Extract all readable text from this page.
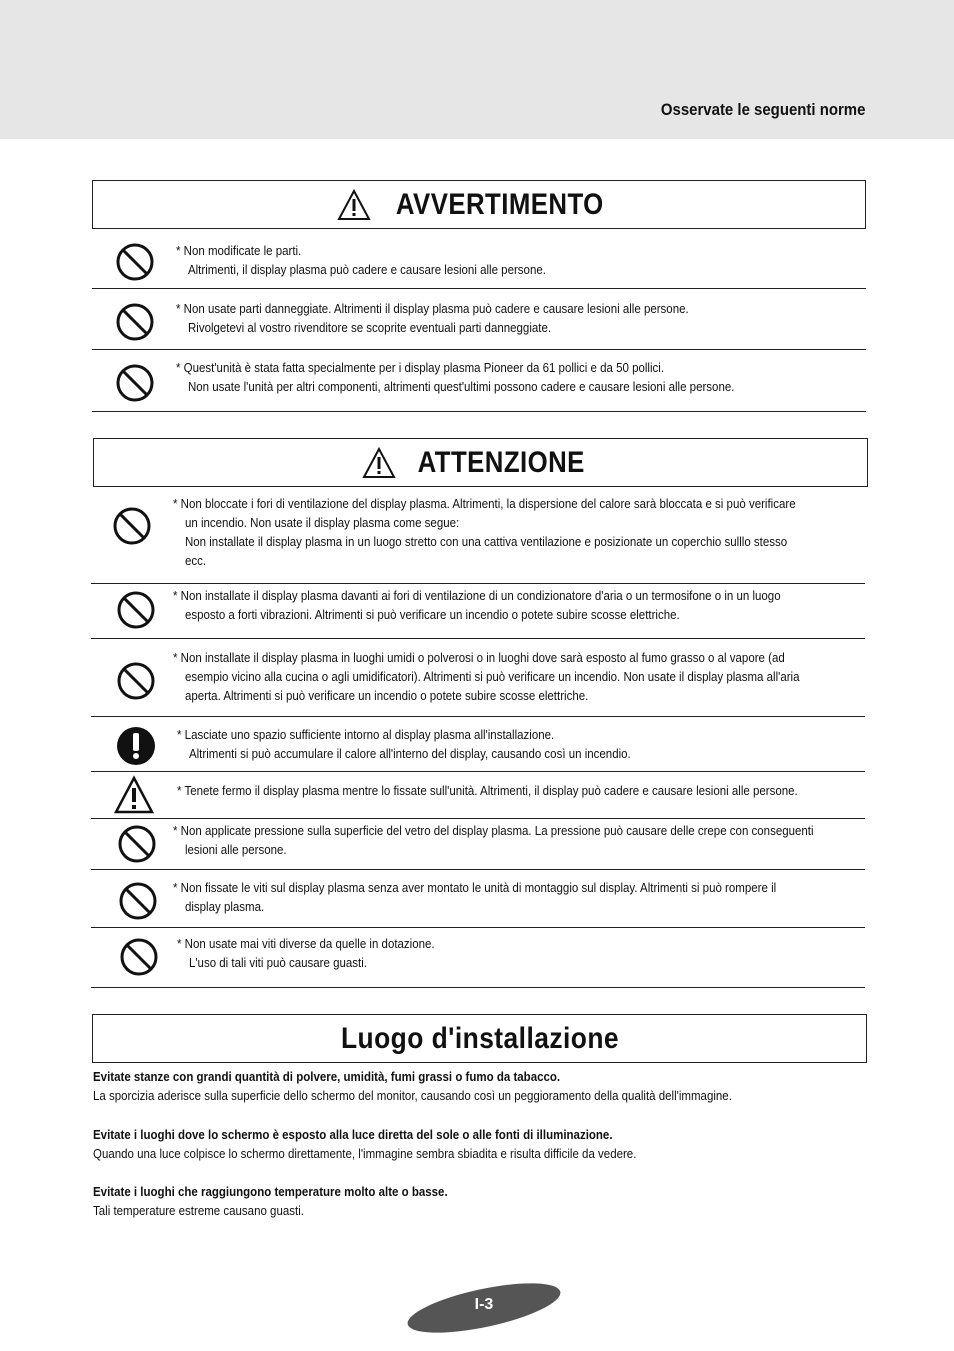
Osservate le seguenti norme
AVVERTIMENTO
* Non modificate le parti.
Altrimenti, il display plasma può cadere e causare lesioni alle persone.
* Non usate parti danneggiate. Altrimenti il display plasma può cadere e causare lesioni alle persone.
Rivolgetevi al vostro rivenditore se scoprite eventuali parti danneggiate.
* Quest'unità è stata fatta specialmente per i display plasma Pioneer da 61 pollici e da 50 pollici.
Non usate l'unità per altri componenti, altrimenti quest'ultimi possono cadere e causare lesioni alle persone.
ATTENZIONE
* Non bloccate i fori di ventilazione del display plasma. Altrimenti, la dispersione del calore sarà bloccata e si può verificare
un incendio. Non usate il display plasma come segue:
Non installate il display plasma in un luogo stretto con una cattiva ventilazione e posizionate un coperchio sulllo stesso
ecc.
* Non installate il display plasma davanti ai fori di ventilazione di un condizionatore d'aria o un termosifone o in un luogo
esposto a forti vibrazioni. Altrimenti si può verificare un incendio o potete subire scosse elettriche.
* Non installate il display plasma in luoghi umidi o polverosi o in luoghi dove sarà esposto al fumo grasso o al vapore (ad
esempio vicino alla cucina o agli umidificatori). Altrimenti si può verificare un incendio. Non usate il display plasma all'aria
aperta. Altrimenti si può verificare un incendio o potete subire scosse elettriche.
* Lasciate uno spazio sufficiente intorno al display plasma all'installazione.
Altrimenti si può accumulare il calore all'interno del display, causando così un incendio.
* Tenete fermo il display plasma mentre lo fissate sull'unità. Altrimenti, il display può cadere e causare lesioni alle persone.
* Non applicate pressione sulla superficie del vetro del display plasma. La pressione può causare delle crepe con conseguenti
lesioni alle persone.
* Non fissate le viti sul display plasma senza aver montato le unità di montaggio sul display. Altrimenti si può rompere il
display plasma.
* Non usate mai viti diverse da quelle in dotazione.
L'uso di tali viti può causare guasti.
Luogo d'installazione
Evitate stanze con grandi quantità di polvere, umidità, fumi grassi o fumo da tabacco.
La sporcizia aderisce sulla superficie dello schermo del monitor, causando così un peggioramento della qualità dell'immagine.
Evitate i luoghi dove lo schermo è esposto alla luce diretta del sole o alle fonti di illuminazione.
Quando una luce colpisce lo schermo direttamente, l'immagine sembra sbiadita e risulta difficile da vedere.
Evitate i luoghi che raggiungono temperature molto alte o basse.
Tali temperature estreme causano guasti.
I-3
